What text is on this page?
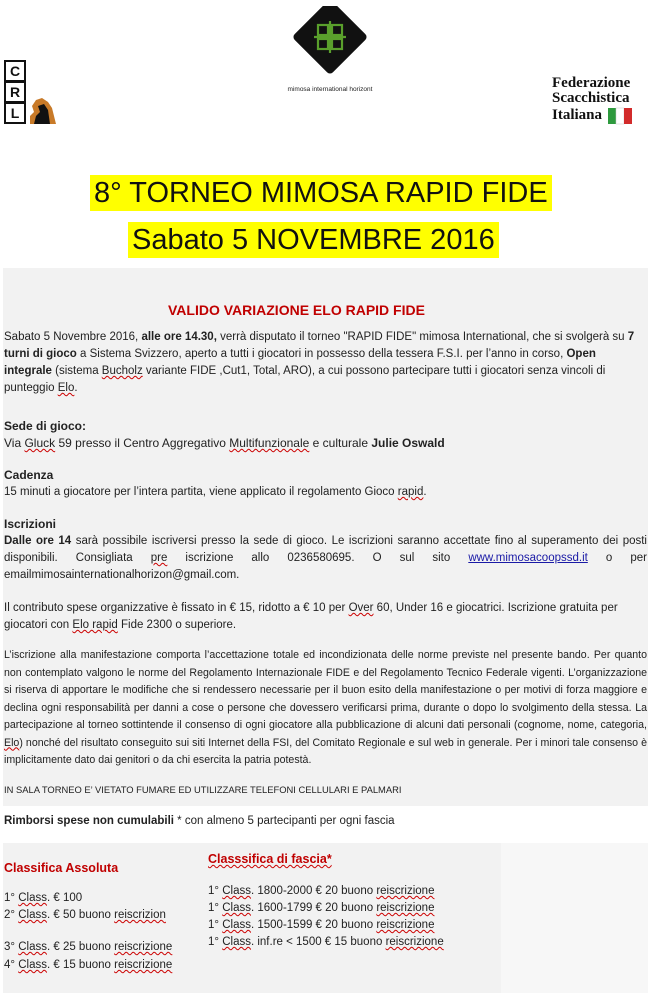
C
R
L
mimosa international horizont	Federazione
Scacchistica
Italiana
8° TORNEO MIMOSA RAPID FIDE
Sabato 5 NOVEMBRE 2016
VALIDO VARIAZIONE ELO RAPID FIDE
Sabato 5 Novembre 2016, alle ore 14.30, verrà disputato il torneo "RAPID FIDE" mimosa International, che si svolgerà su 7 turni di gioco a Sistema Svizzero, aperto a tutti i giocatori in possesso della tessera F.S.I. per l’anno in corso, Open integrale (sistema Bucholz variante FIDE ,Cut1, Total, ARO), a cui possono partecipare tutti i giocatori senza vincoli di punteggio Elo.
Sede di gioco:
Via Gluck 59 presso il Centro Aggregativo Multifunzionale e culturale Julie Oswald
Cadenza
15 minuti a giocatore per l’intera partita, viene applicato il regolamento Gioco rapid.
Iscrizioni
Dalle ore 14 sarà possibile iscriversi presso la sede di gioco. Le iscrizioni saranno accettate fino al superamento dei posti disponibili. Consigliata pre iscrizione allo 0236580695. O sul sito www.mimosacoopssd.it o per emailmimosainternationalhorizon@gmail.com.
Il contributo spese organizzative è fissato in € 15, ridotto a € 10 per Over 60, Under 16 e giocatrici. Iscrizione gratuita per giocatori con Elo rapid Fide 2300 o superiore.
L’iscrizione alla manifestazione comporta l’accettazione totale ed incondizionata delle norme previste nel presente bando. Per quanto non contemplato valgono le norme del Regolamento Internazionale FIDE e del Regolamento Tecnico Federale vigenti. L’organizzazione si riserva di apportare le modifiche che si rendessero necessarie per il buon esito della manifestazione o per motivi di forza maggiore e declina ogni responsabilità per danni a cose o persone che dovessero verificarsi prima, durante o dopo lo svolgimento della stessa. La partecipazione al torneo sottintende il consenso di ogni giocatore alla pubblicazione di alcuni dati personali (cognome, nome, categoria, Elo) nonché del risultato conseguito sui siti Internet della FSI, del Comitato Regionale e sul web in generale. Per i minori tale consenso è implicitamente dato dai genitori o da chi esercita la patria potestà.
IN SALA TORNEO E’ VIETATO FUMARE ED UTILIZZARE TELEFONI CELLULARI E PALMARI
Rimborsi spese non cumulabili * con almeno 5 partecipanti per ogni fascia
Classifica Assoluta
1° Class. € 100
2° Class. € 50 buono reiscrizion
3° Class. € 25 buono reiscrizione
4° Class. € 15 buono reiscrizione
Classsifica di fascia*
1° Class. 1800-2000 € 20 buono reiscrizione
1° Class. 1600-1799 € 20 buono reiscrizione
1° Class. 1500-1599 € 20 buono reiscrizione
1° Class. inf.re < 1500 € 15 buono reiscrizione
